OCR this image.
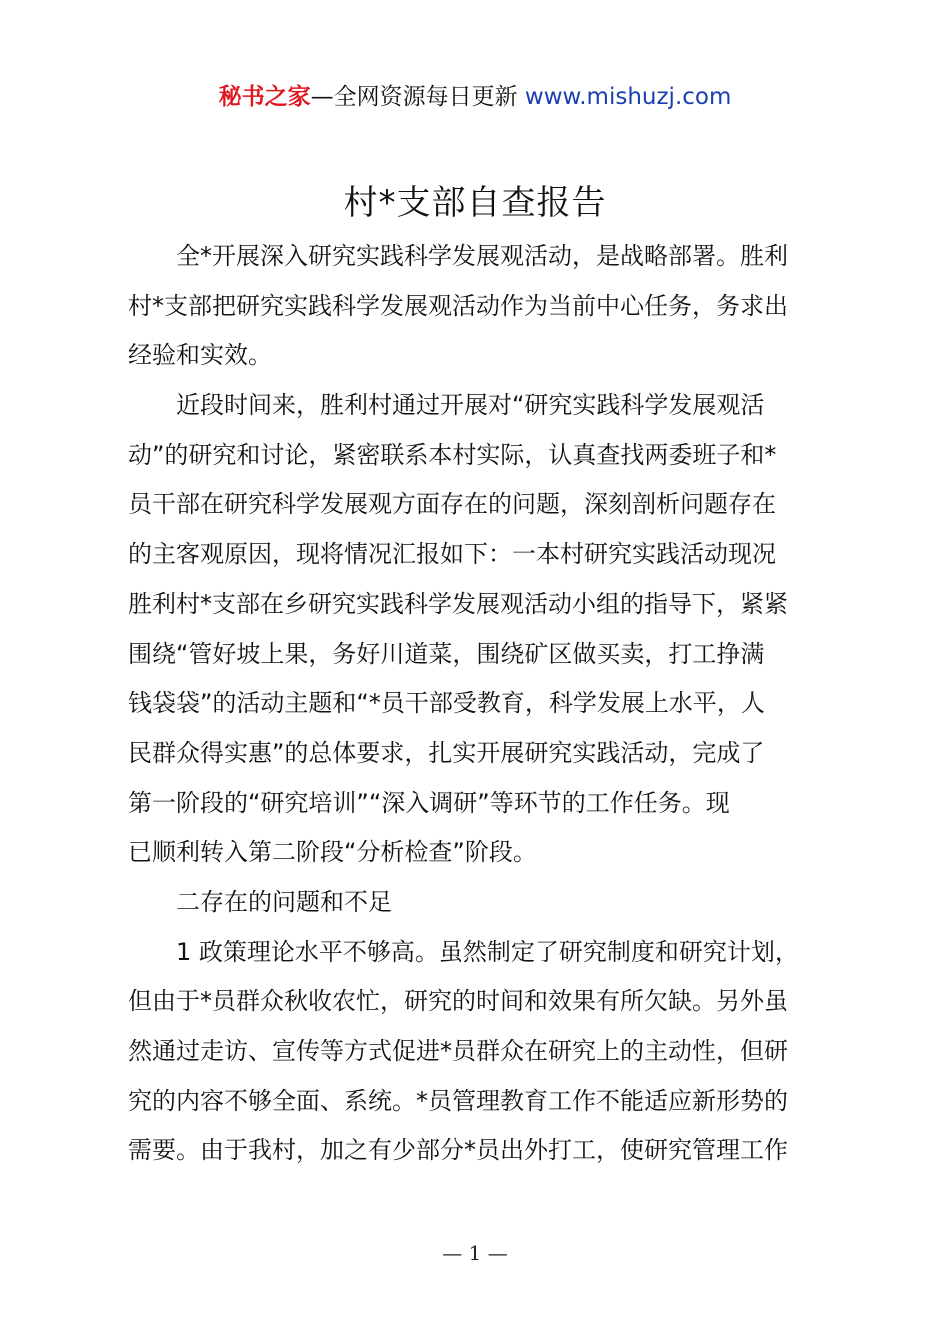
秘书之家—全网资源每日更新 www.mishuzj.com
村*支部自查报告
全*开展深入研究实践科学发展观活动，是战略部署。胜利
村*支部把研究实践科学发展观活动作为当前中心任务，务求出
经验和实效。
近段时间来，胜利村通过开展对“研究实践科学发展观活
动”的研究和讨论，紧密联系本村实际，认真查找两委班子和*
员干部在研究科学发展观方面存在的问题，深刻剖析问题存在
的主客观原因，现将情况汇报如下：一本村研究实践活动现况
胜利村*支部在乡研究实践科学发展观活动小组的指导下，紧紧
围绕“管好坡上果，务好川道菜，围绕矿区做买卖，打工挣满
钱袋袋”的活动主题和“*员干部受教育，科学发展上水平，人
民群众得实惠”的总体要求，扎实开展研究实践活动，完成了
第一阶段的“研究培训”“深入调研”等环节的工作任务。现
已顺利转入第二阶段“分析检查”阶段。
二存在的问题和不足
1 政策理论水平不够高。虽然制定了研究制度和研究计划，
但由于*员群众秋收农忙，研究的时间和效果有所欠缺。另外虽
然通过走访、宣传等方式促进*员群众在研究上的主动性，但研
究的内容不够全面、系统。*员管理教育工作不能适应新形势的
需要。由于我村，加之有少部分*员出外打工，使研究管理工作
— 1 —
